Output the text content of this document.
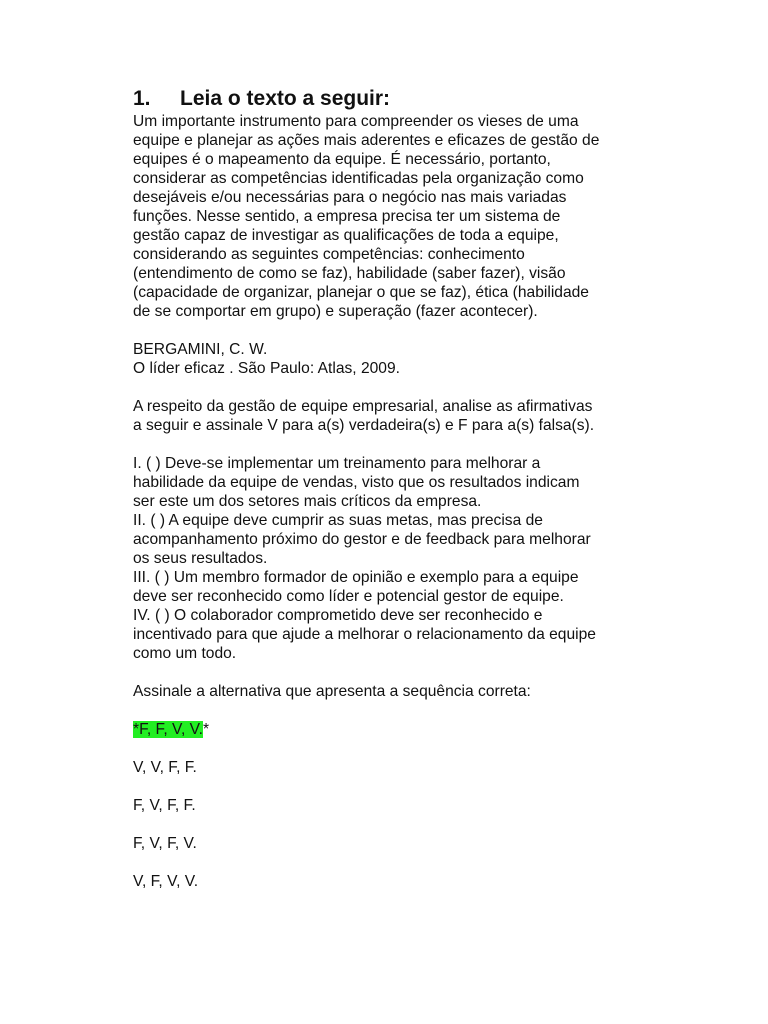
1. Leia o texto a seguir:

Um importante instrumento para compreender os vieses de uma

equipe e planejar as ações mais aderentes e eficazes de gestão de

equipes é o mapeamento da equipe. É necessário, portanto,

considerar as competências identificadas pela organização como

desejáveis e/ou necessárias para o negócio nas mais variadas

funções. Nesse sentido, a empresa precisa ter um sistema de

gestão capaz de investigar as qualificações de toda a equipe,

considerando as seguintes competências: conhecimento

(entendimento de como se faz), habilidade (saber fazer), visão

(capacidade de organizar, planejar o que se faz), ética (habilidade

de se comportar em grupo) e superação (fazer acontecer).

BERGAMINI, C. W.

O líder eficaz . São Paulo: Atlas, 2009.

A respeito da gestão de equipe empresarial, analise as afirmativas

a seguir e assinale V para a(s) verdadeira(s) e F para a(s) falsa(s).

I. ( ) Deve-se implementar um treinamento para melhorar a

habilidade da equipe de vendas, visto que os resultados indicam

ser este um dos setores mais críticos da empresa.

II. ( ) A equipe deve cumprir as suas metas, mas precisa de

acompanhamento próximo do gestor e de feedback para melhorar

os seus resultados.

III. ( ) Um membro formador de opinião e exemplo para a equipe

deve ser reconhecido como líder e potencial gestor de equipe.

IV. ( ) O colaborador comprometido deve ser reconhecido e

incentivado para que ajude a melhorar o relacionamento da equipe

como um todo.

Assinale a alternativa que apresenta a sequência correta:

*F, F, V, V.*

V, V, F, F.

F, V, F, F.

F, V, F, V.

V, F, V, V.
